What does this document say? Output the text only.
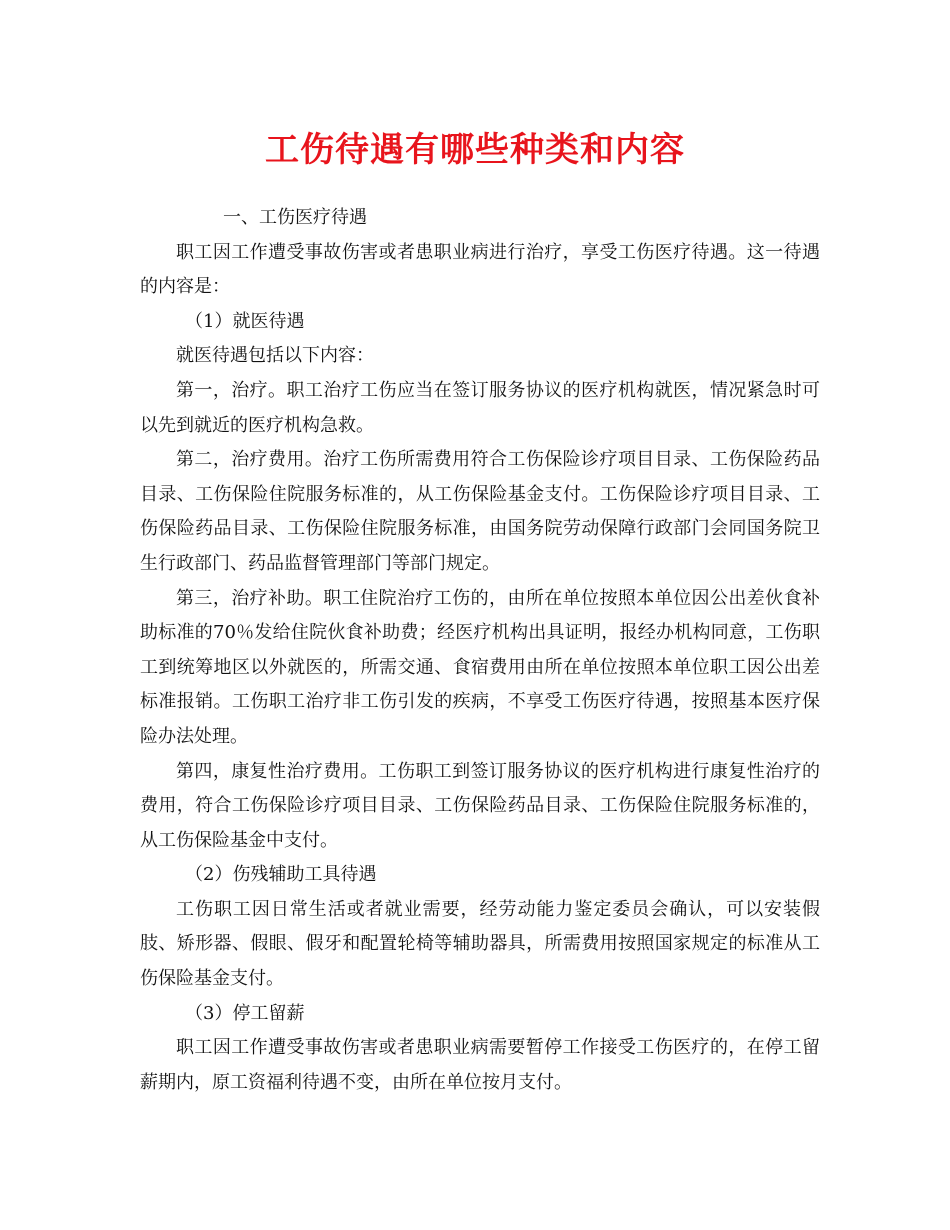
工伤待遇有哪些种类和内容

一、工伤医疗待遇

职工因工作遭受事故伤害或者患职业病进行治疗，享受工伤医疗待遇。这一待遇的内容是：

（1）就医待遇

就医待遇包括以下内容：

第一，治疗。职工治疗工伤应当在签订服务协议的医疗机构就医，情况紧急时可以先到就近的医疗机构急救。

第二，治疗费用。治疗工伤所需费用符合工伤保险诊疗项目目录、工伤保险药品目录、工伤保险住院服务标准的，从工伤保险基金支付。工伤保险诊疗项目目录、工伤保险药品目录、工伤保险住院服务标准，由国务院劳动保障行政部门会同国务院卫生行政部门、药品监督管理部门等部门规定。

第三，治疗补助。职工住院治疗工伤的，由所在单位按照本单位因公出差伙食补助标准的70％发给住院伙食补助费；经医疗机构出具证明，报经办机构同意，工伤职工到统筹地区以外就医的，所需交通、食宿费用由所在单位按照本单位职工因公出差标准报销。工伤职工治疗非工伤引发的疾病，不享受工伤医疗待遇，按照基本医疗保险办法处理。

第四，康复性治疗费用。工伤职工到签订服务协议的医疗机构进行康复性治疗的费用，符合工伤保险诊疗项目目录、工伤保险药品目录、工伤保险住院服务标准的，从工伤保险基金中支付。

（2）伤残辅助工具待遇

工伤职工因日常生活或者就业需要，经劳动能力鉴定委员会确认，可以安装假肢、矫形器、假眼、假牙和配置轮椅等辅助器具，所需费用按照国家规定的标准从工伤保险基金支付。

（3）停工留薪

职工因工作遭受事故伤害或者患职业病需要暂停工作接受工伤医疗的，在停工留薪期内，原工资福利待遇不变，由所在单位按月支付。
